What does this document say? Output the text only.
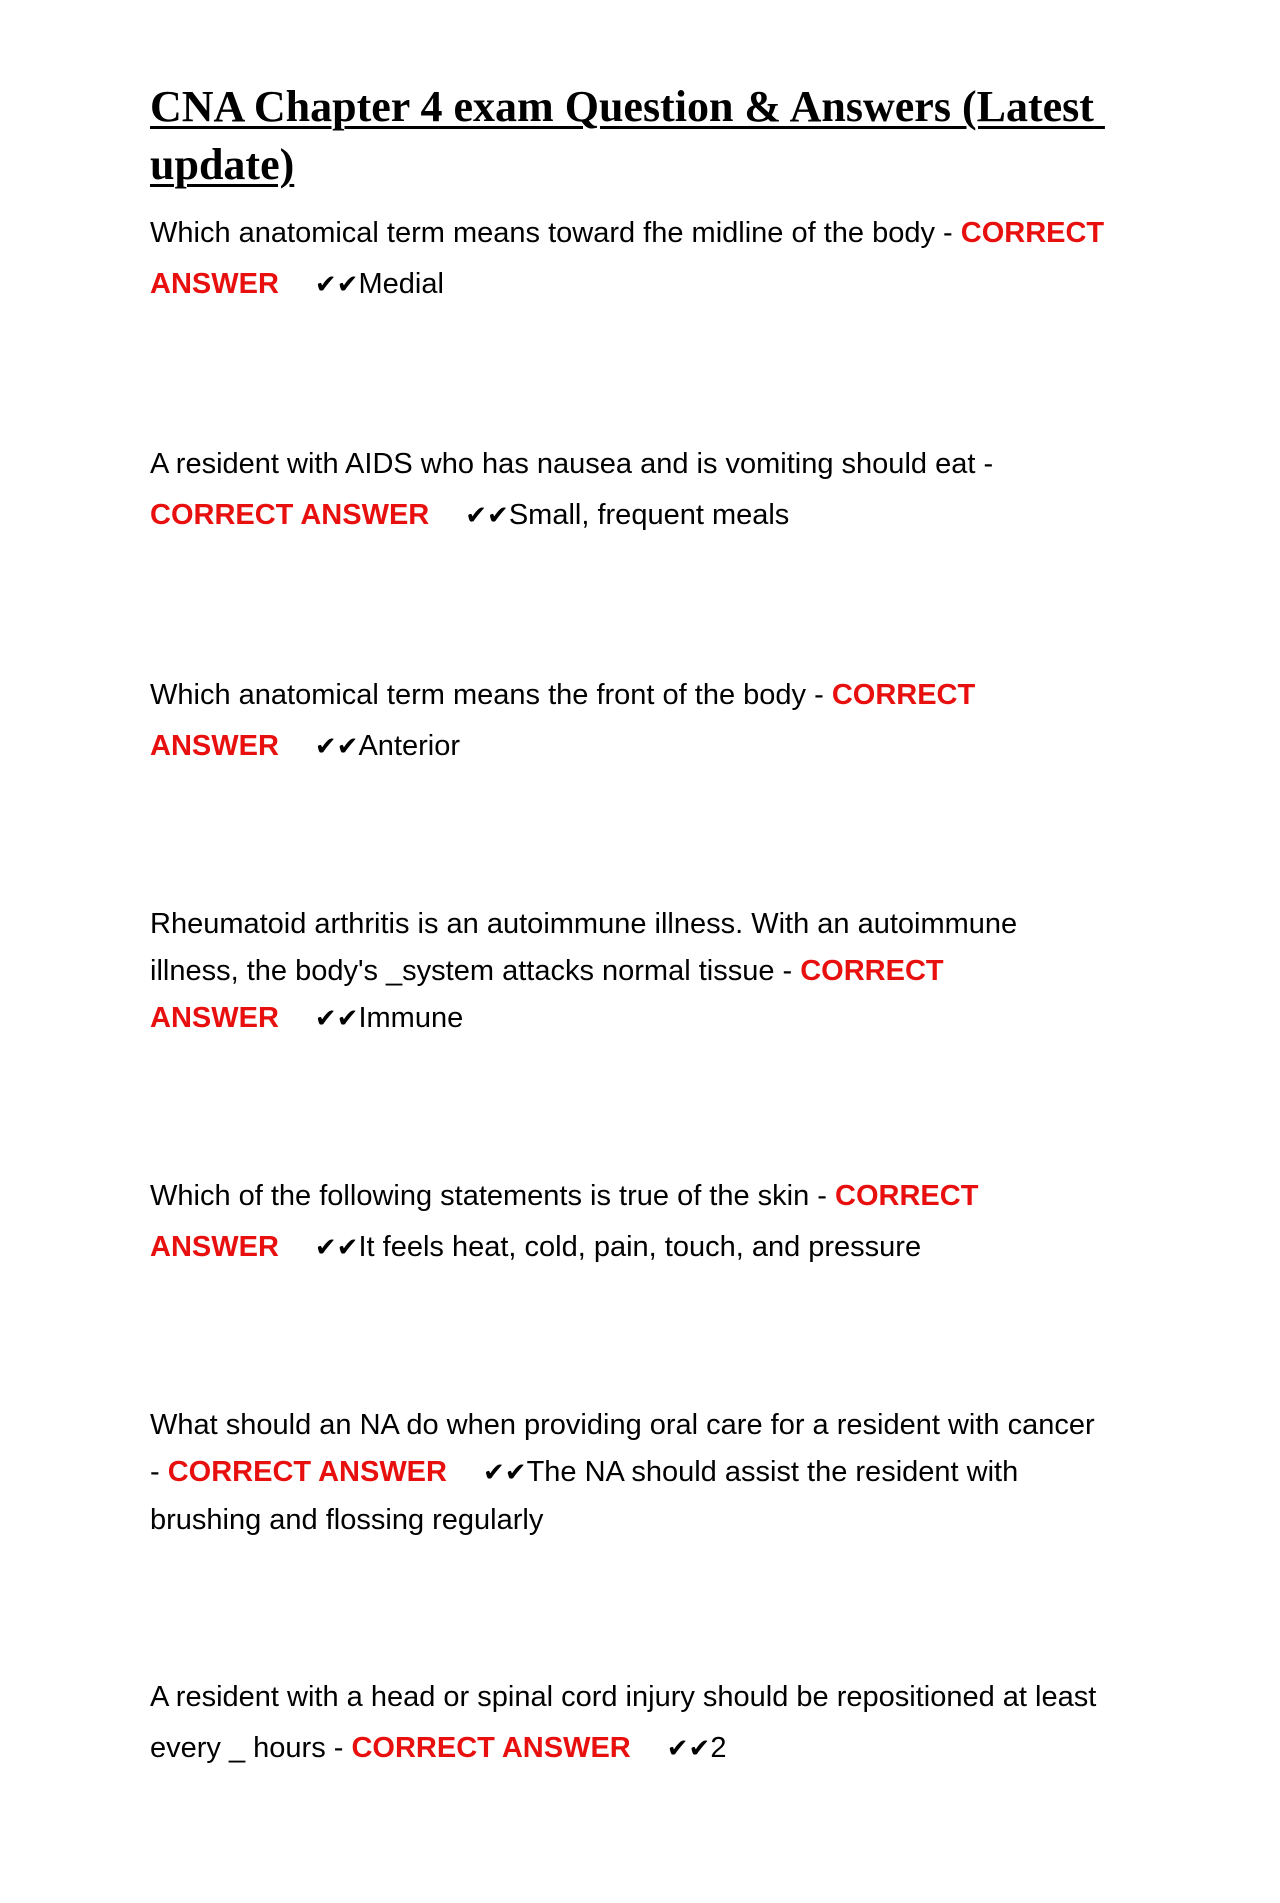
CNA Chapter 4 exam Question & Answers (Latest update)
Which anatomical term means toward fhe midline of the body - CORRECT ANSWER ✔✔Medial
A resident with AIDS who has nausea and is vomiting should eat - CORRECT ANSWER ✔✔Small, frequent meals
Which anatomical term means the front of the body - CORRECT ANSWER ✔✔Anterior
Rheumatoid arthritis is an autoimmune illness. With an autoimmune illness, the body's _system attacks normal tissue - CORRECT ANSWER ✔✔Immune
Which of the following statements is true of the skin - CORRECT ANSWER ✔✔It feels heat, cold, pain, touch, and pressure
What should an NA do when providing oral care for a resident with cancer - CORRECT ANSWER ✔✔The NA should assist the resident with brushing and flossing regularly
A resident with a head or spinal cord injury should be repositioned at least every _ hours - CORRECT ANSWER ✔✔2
